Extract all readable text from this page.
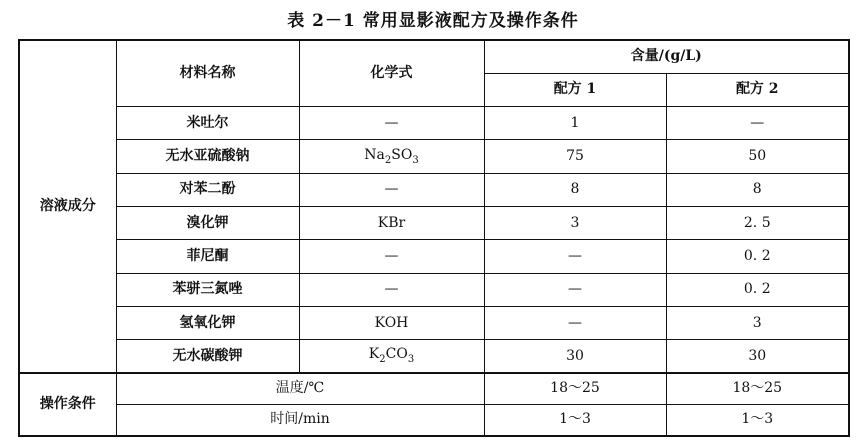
表 2－1 常用显影液配方及操作条件
溶液成分	材料名称	化学式	含量/(g/L)	
			配方 1	配方 2
	米吐尔	—	1	—
	无水亚硫酸钠	$Na_2SO_3$	75	50
	对苯二酚	—	8	8
	溴化钾	KBr	3	2. 5
	菲尼酮	—	—	0. 2
	苯骈三氮唑	—	—	0. 2
	氢氧化钾	KOH	—	3
	无水碳酸钾	$K_2CO_3$	30	30
操作条件	温度/℃		18～25	18～25
	时间/min		1～3	1～3
